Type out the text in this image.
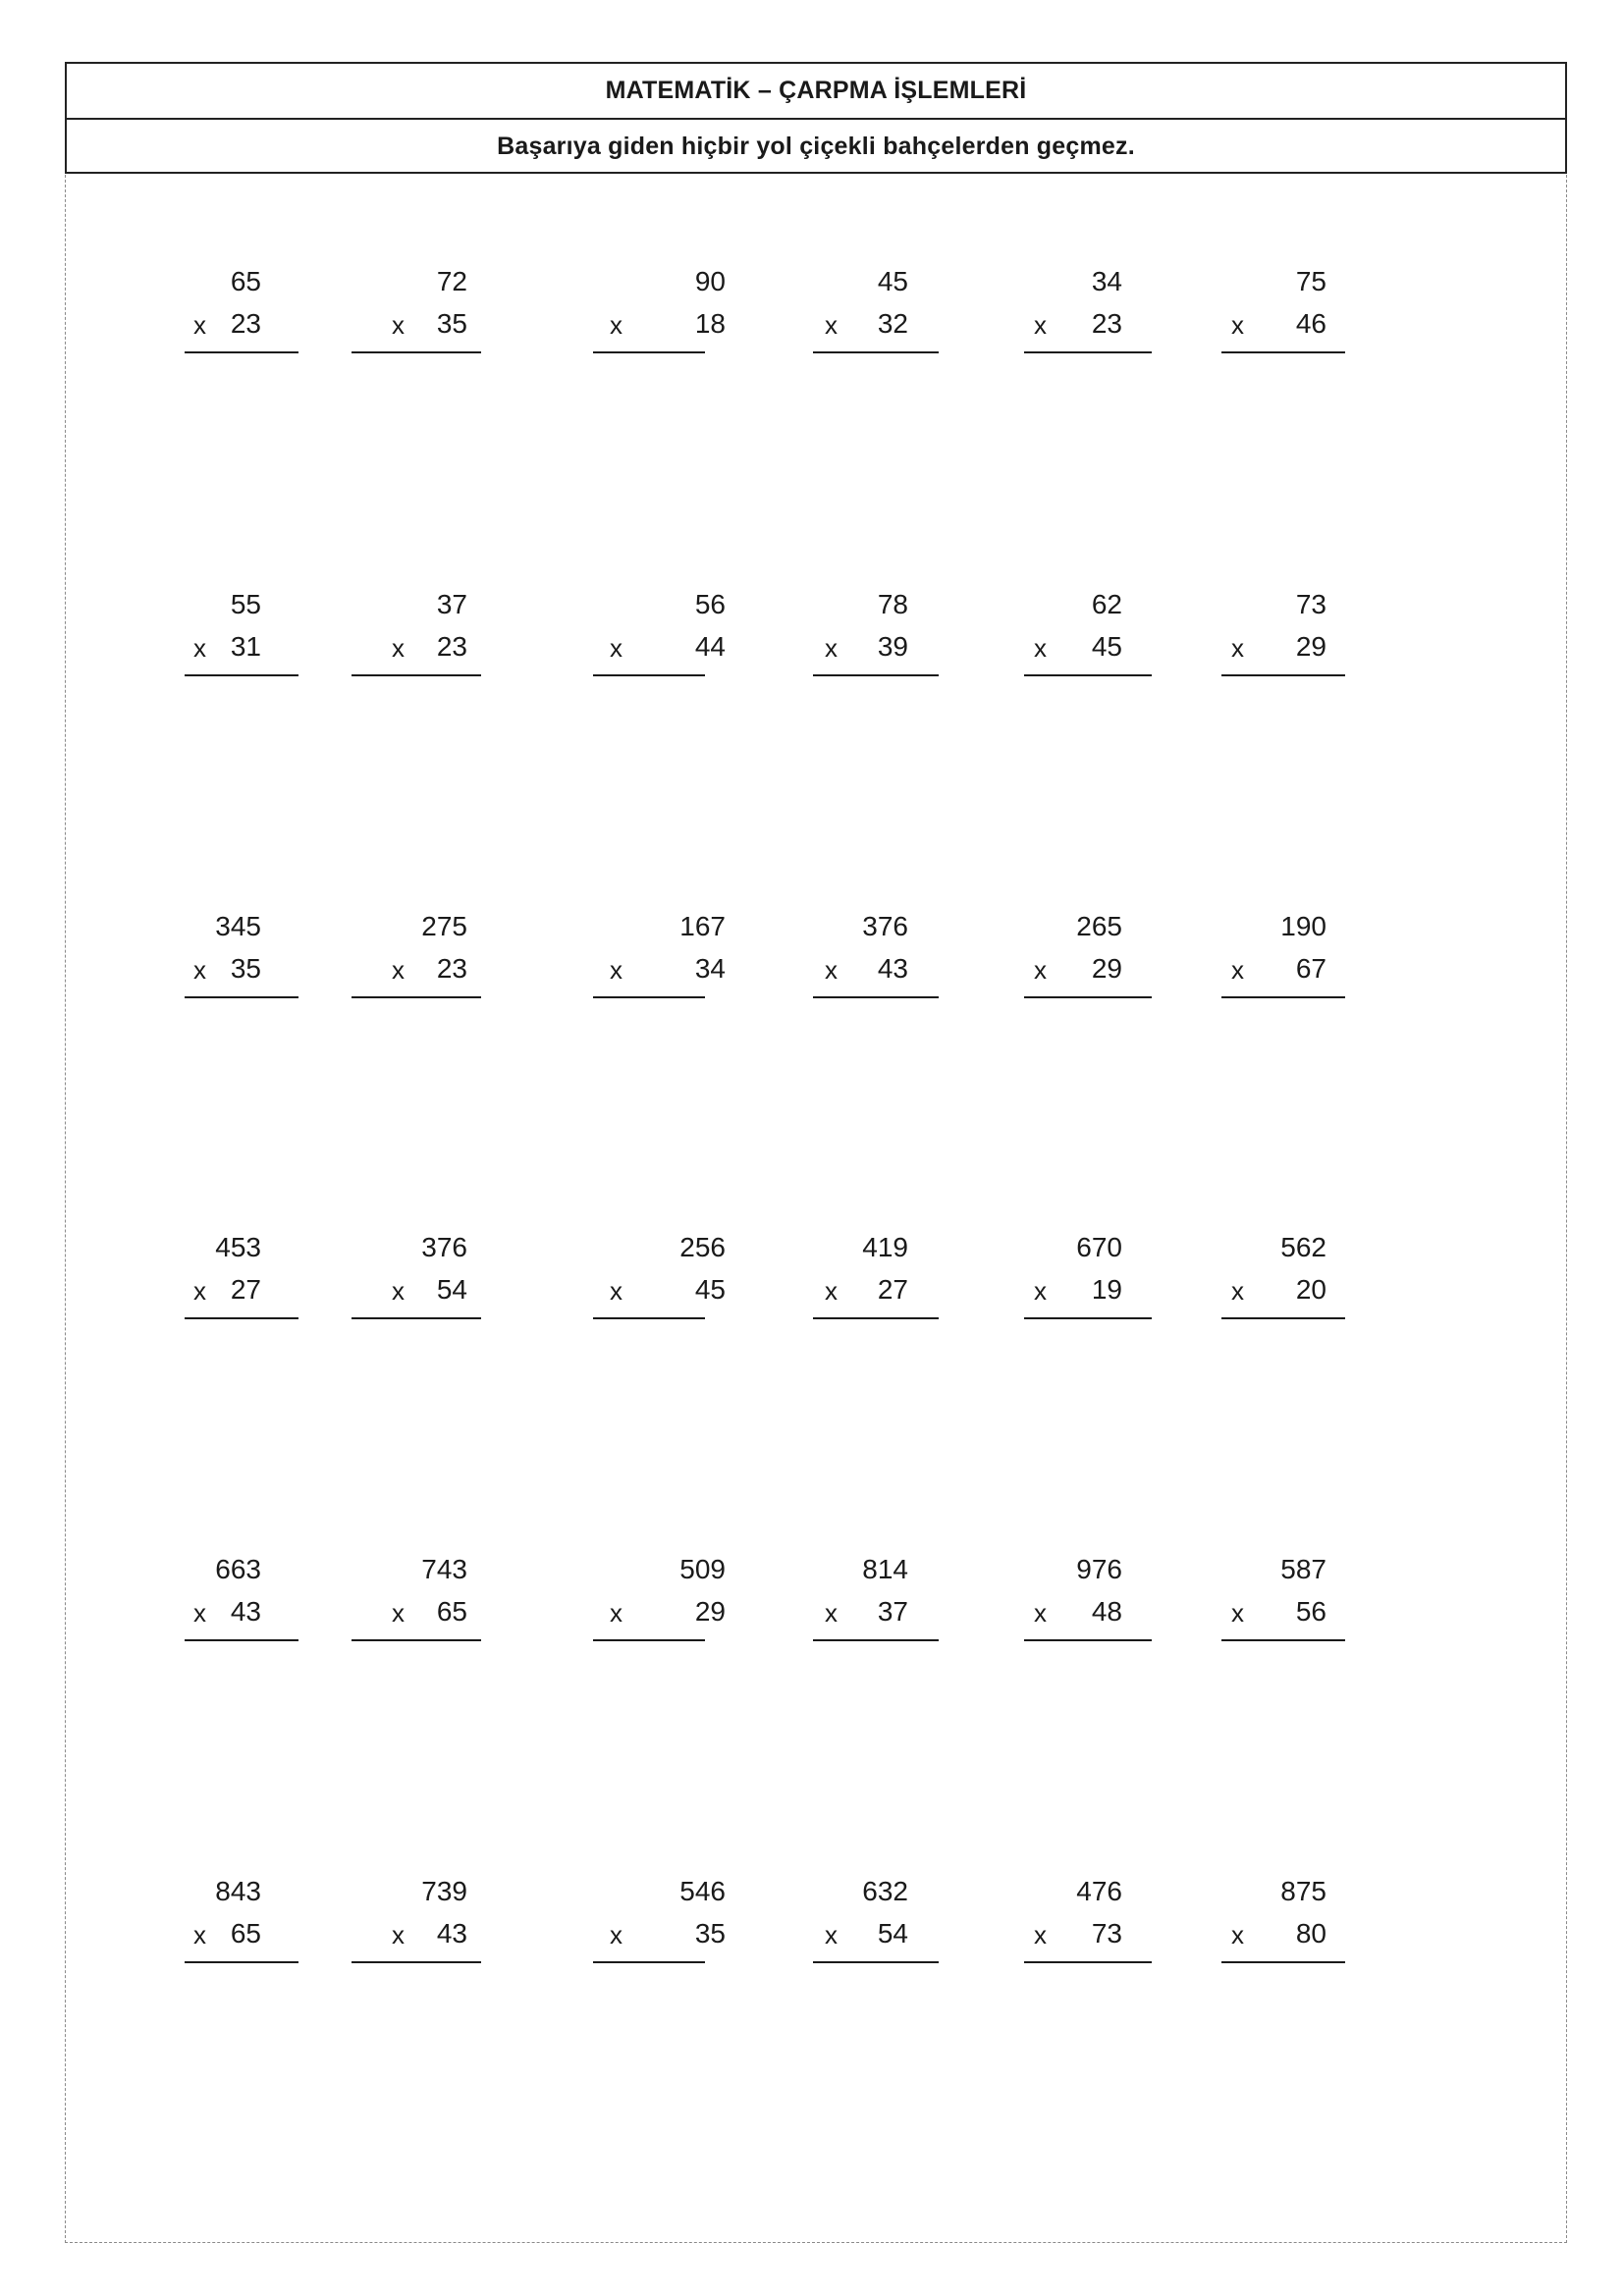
MATEMATİK – ÇARPMA İŞLEMLERİ
Başarıya giden hiçbir yol çiçekli bahçelerden geçmez.
65
x 23
72
x 35
90
x	18
45
x 32
34
x 23
75
x 46
55
x 31
37
x 23
56
x	44
78
x 39
62
x 45
73
x 29
345
x 35
275
x 23
167
x	34
376
x 43
265
x 29
190
x 67
453
x 27
376
x 54
256
x	45
419
x 27
670
x 19
562
x 20
663
x 43
743
x 65
509
x	29
814
x 37
976
x 48
587
x 56
843
x 65
739
x 43
546
x	35
632
x 54
476
x 73
875
x 80
